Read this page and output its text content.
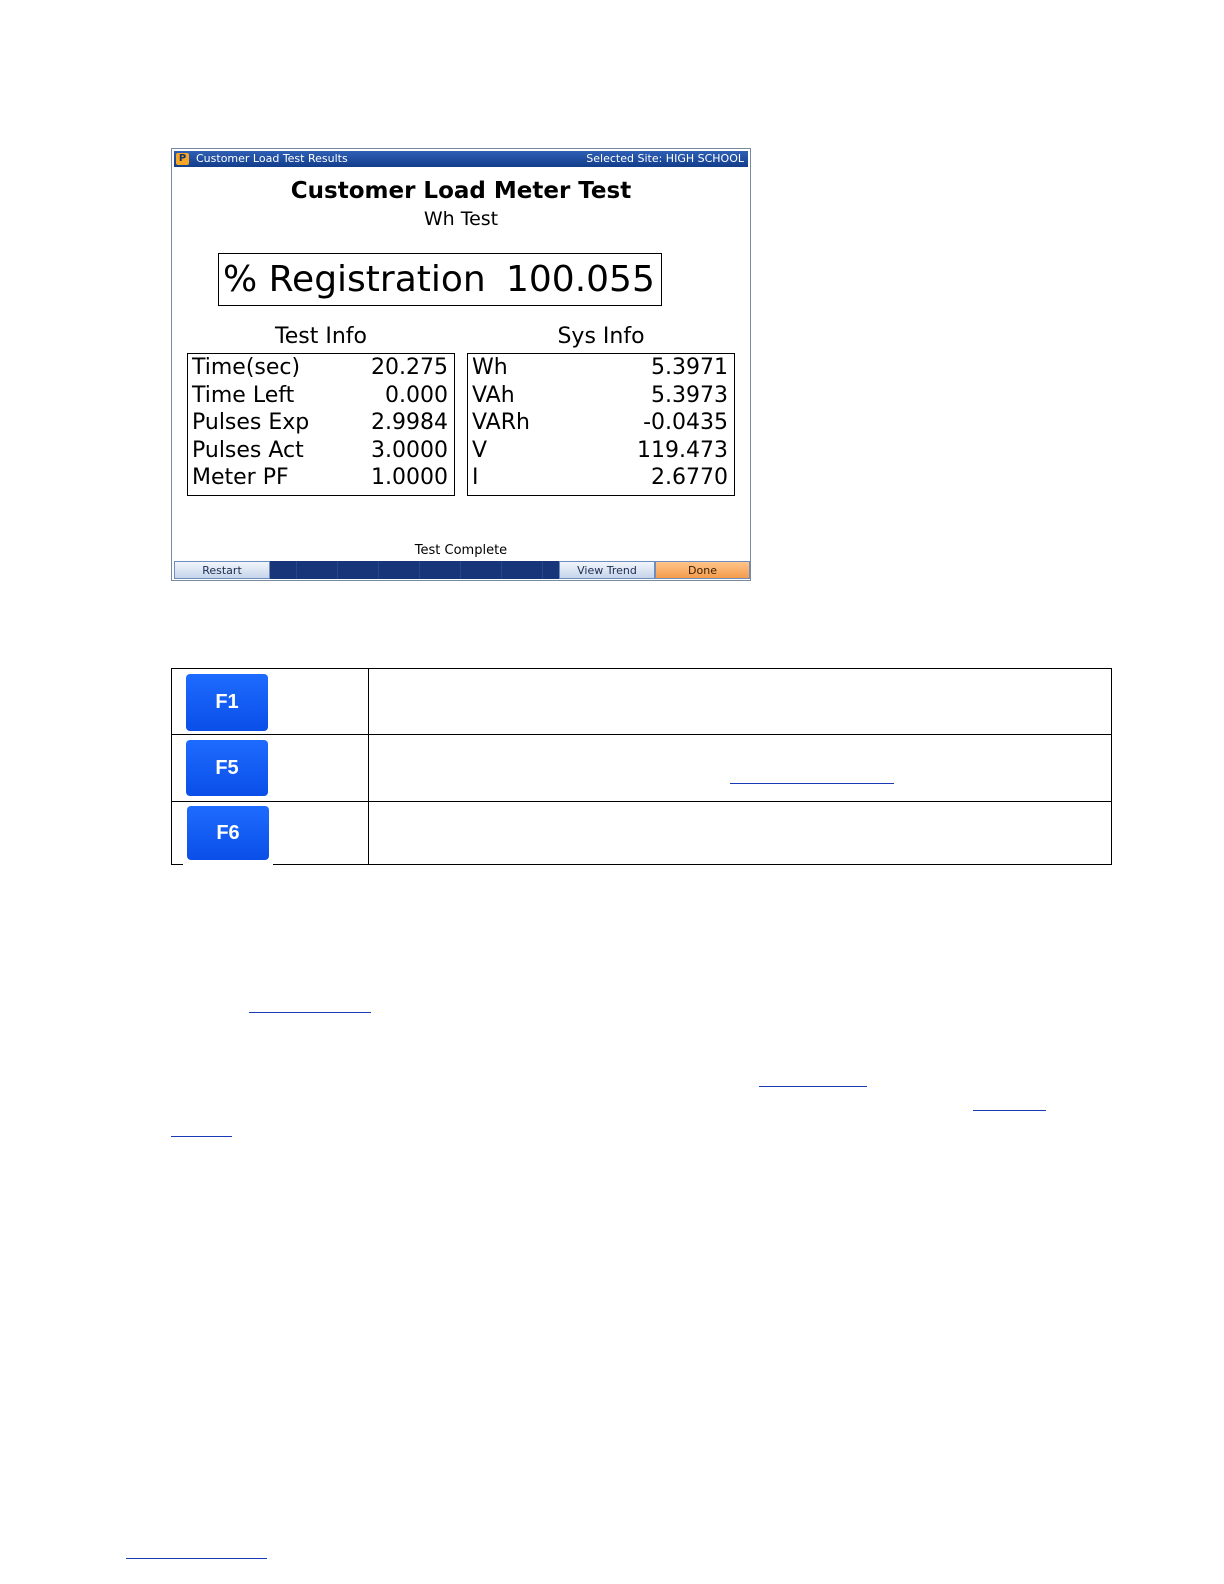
P Customer Load Test Results	Selected Site: HIGH SCHOOL
Customer Load Meter Test
Wh Test
% Registration 100.055
Test Info	Sys Info
Time(sec)	20.275
Time Left	0.000
Pulses Exp	2.9984
Pulses Act	3.0000
Meter PF	1.0000
Wh	5.3971
VAh	5.3973
VARh	-0.0435
V	119.473
I	2.6770
Test Complete
Restart	View Trend	Done
F1
F5
F6
